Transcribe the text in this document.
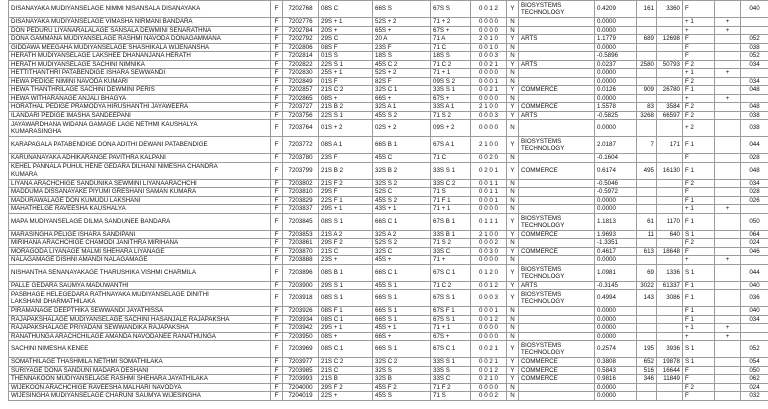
DISANAYAKA MUDIYANSELAGE NIMMI NISANSALA DISANAYAKA	F	7202768	08S C	66S S	67S S	0 0 1 2	Y	BIOSYSTEMS TECHNOLOGY	0.4209	161	3360	F		040
DISANAYAKA MUDIYANSELAGE VIMASHA NIRMANI BANDARA	F	7202776	29S + 1	52S + 2	71 + 2	0 0 0 0	N		0.0000			+ 1	+	
DON PEDURU LIYANARALALAGE SANSALA DEWMINI SENARATHNA	F	7202784	20S +	65S +	67S +	0 0 0 0	N		0.0000			+	+	
DONA GAMMANA MUDIYANSELAGE RASHMI NAVODA DONAGAMMANA	F	7202792	29S C	20 A	71 A	2 0 1 0	Y	ARTS	1.1779	689	12698	F		052
GIDDAWA MEEGAHA MUDIYANSELAGE SHASHIKALA WIJENANSHA	F	7202806	08S F	23S F	71 C	0 0 1 0	N		0.0000			F		038
HERATH MUDIYANSELAGE LAKSHEE DHANANJANA HERATH	F	7202814	01S S	18S S	18S S	0 0 0 3	N		-0.5896			F		052
HERATH MUDIYANSELAGE SACHINI NIMNIKA	F	7202822	22S S 1	45S C 2	71 C 2	0 0 2 1	Y	ARTS	0.0237	2580	50793	F 2		034
HETTITHANTHRI PATABENDIGE ISHARA SEWWANDI	F	7202830	25S + 1	52S + 2	71 + 1	0 0 0 0	N		0.0000			+ 1	+	
HEWA PEDIGE NIMINI NAVODA KUMARI	F	7202849	01S F	82S F	09S S 2	0 0 0 1	N		0.0000			F 2		034
HEWA THANTHRILAGE SACHINI DEWMINI PERIS	F	7202857	21S C 2	32S C 1	33S S 1	0 0 2 1	Y	COMMERCE	0.0126	909	26780	F 1		048
HEWA WITHARANAGE ANJALI BHAGYA	F	7202865	08S +	66S +	67S +	0 0 0 0	N		0.0000			+	+	
HORATHAL PEDIGE PRAMODYA HIRUSHANTHI JAYAWEERA	F	7203727	21S B 2	32S A 1	33S A 1	2 1 0 0	Y	COMMERCE	1.5578	83	3584	F 2		048
ILANDARI PEDIGE IMASHA SANDEEPANI	F	7203756	22S S 1	45S S 2	71 S 2	0 0 0 3	Y	ARTS	-0.5825	3268	66597	F 2		038
JAYAWARDHANA WIDANA GAMAGE LAGE NETHMI KAUSHALYA
KUMARASINGHA	F	7203764	01S + 2	02S + 2	09S + 2	0 0 0 0	N		0.0000			+ 2		038
KARAPAGALA PATABENDIGE DONA ADITHI DEWANI PATABENDIGE	F	7203772	08S A 1	66S B 1	67S A 1	2 1 0 0	Y	BIOSYSTEMS TECHNOLOGY	2.0187	7	171	F 1		044
KARUNANAYAKA ADHIKARANGE PAVITHRA KALPANI	F	7203780	23S F	45S C	71 C	0 0 2 0	N		-0.1604			F		028
KEHEL PANNALA PUHUL HENE GEDARA DILHANI NIMESHA CHANDRA
KUMARA	F	7203799	21S B 2	32S B 2	33S S 1	0 2 0 1	Y	COMMERCE	0.6174	495	16130	F 1		048
LIYANA ARACHCHIGE SANDUNIKA SEWMINI LIYANAARACHCHI	F	7203802	21S F 2	32S S 2	33S C 2	0 0 1 1	N		-0.5046			F 2		034
MADDUMA DISSANAYAKE PIYUMI GRESHANI SAMAN KUMARA	F	7203810	29S F	52S C	71 S	0 0 1 1	N		-0.5972			F		028
MADURAWALAGE DON KUMUDU LAKSHANI	F	7203829	22S F 1	45S S 2	71 F 1	0 0 0 1	N		0.0000			F 1		026
MAHATHELGE RAVEESHA KAUSHALYA	F	7203837	29S + 1	43S + 1	71 + 1	0 0 0 0	N		0.0000			+ 1	+	
MAPA MUDIYANSELAGE DILMA SANDUNEE BANDARA	F	7203845	08S S 1	66S C 1	67S B 1	0 1 1 1	Y	BIOSYSTEMS TECHNOLOGY	1.1813	61	1170	F 1		050
MARASINGHA PELIGE ISHARA SANDIPANI	F	7203853	21S A 2	32S A 2	33S B 1	2 1 0 0	Y	COMMERCE	1.9693	11	640	S 1		064
MIRIHANA ARACHCHIGE CHAMODI JANITHRA MIRIHANA	F	7203861	29S F 2	52S S 2	71 S 2	0 0 0 2	N		-1.3351			F 2		024
MORAGODA LIYANAGE MALMI SHEHARA LIYANAGE	F	7203870	21S C	32S C	33S C	0 0 3 0	Y	COMMERCE	0.4617	613	18648	F		046
NALAGAMAGE DISHNI AMANDI NALAGAMAGE	F	7203888	23S +	45S +	71 +	0 0 0 0	N		0.0000			+	+	
NISHANTHA SENANAYAKAGE THARUSHIKA VISHMI CHARMILA	F	7203896	08S B 1	66S C 1	67S C 1	0 1 2 0	Y	BIOSYSTEMS TECHNOLOGY	1.0981	69	1336	S 1		044
PALLE GEDARA SAUMYA MADUWANTHI	F	7203900	29S S 1	45S S 1	71 C 2	0 0 1 2	Y	ARTS	-0.3145	3022	61337	F 1		040
PASBHAGE HELEGEDARA RATHNAYAKA MUDIYANSELAGE DINITHI
LAKSHANI DHARMATHILAKA	F	7203918	08S S 1	66S S 1	67S S 1	0 0 0 3	Y	BIOSYSTEMS TECHNOLOGY	0.4994	143	3086	F 1		036
PIRAMANAGE DEEPTHIKA SEWWANDI JAYATHISSA	F	7203926	08S F 1	66S S 1	67S F 1	0 0 0 1	N		0.0000			F 1		040
RAJAPAKSHALAGE MUDIYANSELAGE SACHINI HASANJALE RAJAPAKSHA	F	7203934	08S C 1	66S S 1	67S S 1	0 0 1 2	N		0.0000			F 1		034
RAJAPAKSHALAGE PRIYADANI SEWWANDIKA RAJAPAKSHA	F	7203942	29S + 1	45S + 1	71 + 1	0 0 0 0	N		0.0000			+ 1	+	
RANATHUNGA ARACHCHILAGE AMANDA NAVODANEE RANATHUNGA	F	7203950	08S +	66S +	67S +	0 0 0 0	N		0.0000			+	+	
SACHINI NIMESHA KENEE	F	7203969	08S C 1	66S S 1	67S C 1	0 0 2 1	Y	BIOSYSTEMS TECHNOLOGY	0.2574	195	3936	S 1		052
SOMATHILAGE THASHMILA NETHMI SOMATHILAKA	F	7203977	21S C 2	32S C 2	33S S 1	0 0 2 1	Y	COMMERCE	0.3808	652	19878	S 1		054
SURIYAGE DONA SANDUNI MADARA DESHANI	F	7203985	21S C	32S S	33S S	0 0 1 2	Y	COMMERCE	0.5843	516	16644	F		050
THENNAKOON MUDIYANSELAGE RASHMI SHEHARA JAYATHILAKA	F	7203993	21S B	32S B	33S C	0 2 1 0	Y	COMMERCE	0.9816	346	11849	F		062
WIJEKOON ARACHCHIGE RAVEESHA MALHARI NAVODYA	F	7204000	29S F 2	45S F 2	71 F 2	0 0 0 0	N		0.0000			F 2		024
WIJESINGHA MUDIYANSELAGE CHARUNI SAUMYA WIJESINGHA	F	7204019	22S +	45S S	71 S	0 0 0 2	N		0.0000			F		032
